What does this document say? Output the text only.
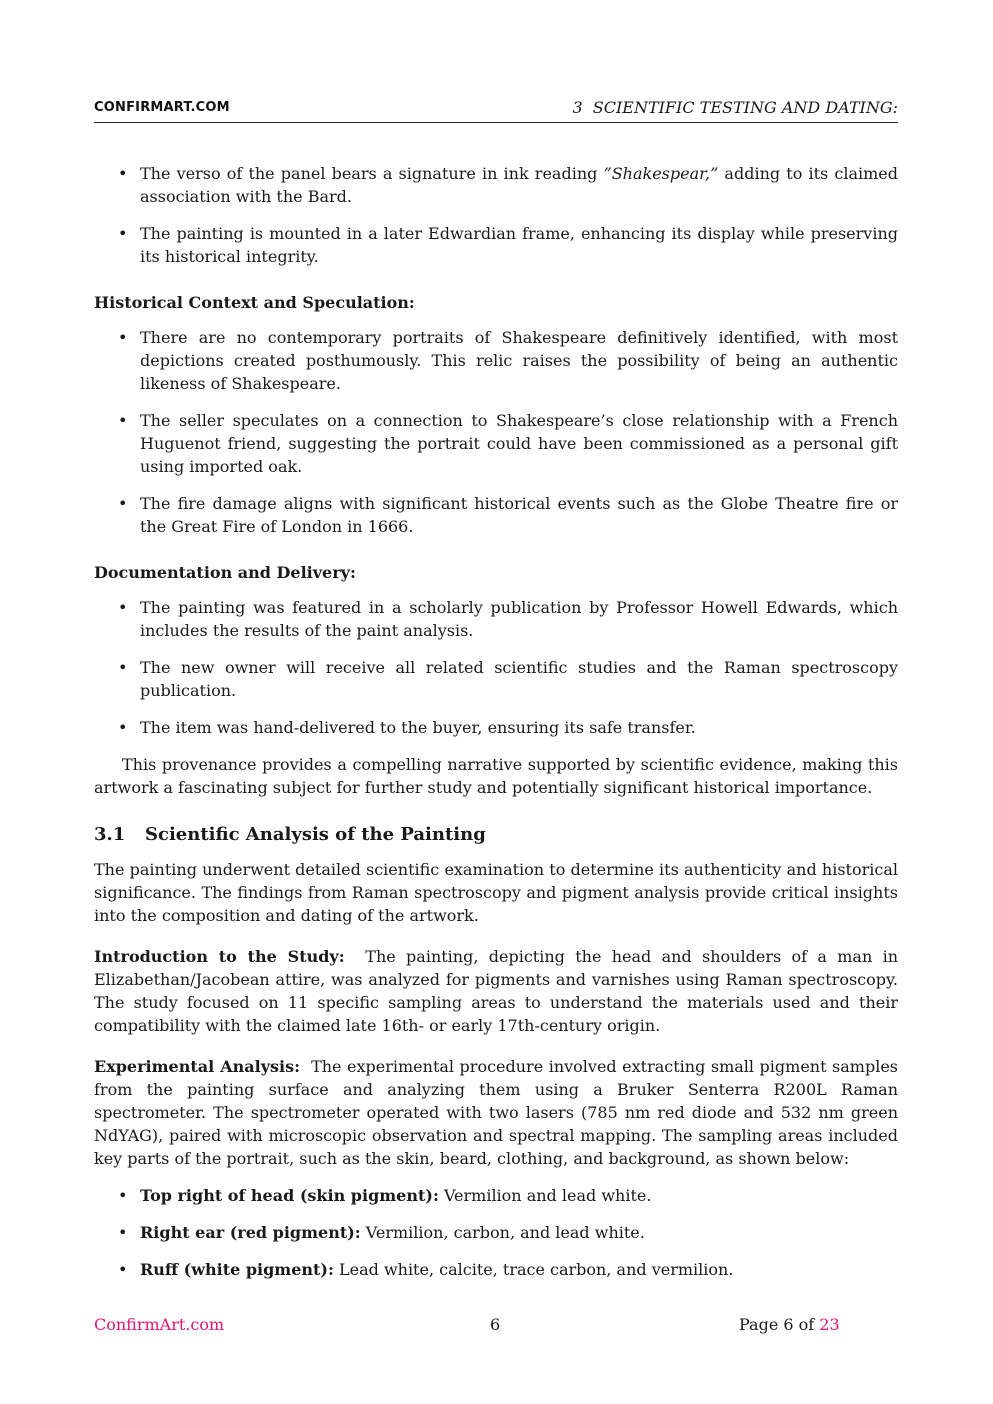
CONFIRMART.COM	3 SCIENTIFIC TESTING AND DATING:
• The verso of the panel bears a signature in ink reading ”Shakespear,” adding to its claimed association with the Bard.
• The painting is mounted in a later Edwardian frame, enhancing its display while preserving its historical integrity.
Historical Context and Speculation:
• There are no contemporary portraits of Shakespeare definitively identified, with most depictions created posthumously. This relic raises the possibility of being an authentic likeness of Shakespeare.
• The seller speculates on a connection to Shakespeare’s close relationship with a French Huguenot friend, suggesting the portrait could have been commissioned as a personal gift using imported oak.
• The fire damage aligns with significant historical events such as the Globe Theatre fire or the Great Fire of London in 1666.
Documentation and Delivery:
• The painting was featured in a scholarly publication by Professor Howell Edwards, which includes the results of the paint analysis.
• The new owner will receive all related scientific studies and the Raman spectroscopy publication.
• The item was hand-delivered to the buyer, ensuring its safe transfer.

This provenance provides a compelling narrative supported by scientific evidence, making this artwork a fascinating subject for further study and potentially significant historical importance.

3.1 Scientific Analysis of the Painting

The painting underwent detailed scientific examination to determine its authenticity and historical significance. The findings from Raman spectroscopy and pigment analysis provide critical insights into the composition and dating of the artwork.

Introduction to the Study: The painting, depicting the head and shoulders of a man in Elizabethan/Jacobean attire, was analyzed for pigments and varnishes using Raman spectroscopy. The study focused on 11 specific sampling areas to understand the materials used and their compatibility with the claimed late 16th- or early 17th-century origin.

Experimental Analysis: The experimental procedure involved extracting small pigment samples from the painting surface and analyzing them using a Bruker Senterra R200L Raman spectrometer. The spectrometer operated with two lasers (785 nm red diode and 532 nm green NdYAG), paired with microscopic observation and spectral mapping. The sampling areas included key parts of the portrait, such as the skin, beard, clothing, and background, as shown below:

• Top right of head (skin pigment): Vermilion and lead white.
• Right ear (red pigment): Vermilion, carbon, and lead white.
• Ruff (white pigment): Lead white, calcite, trace carbon, and vermilion.
ConfirmArt.com	6	Page 6 of 23
